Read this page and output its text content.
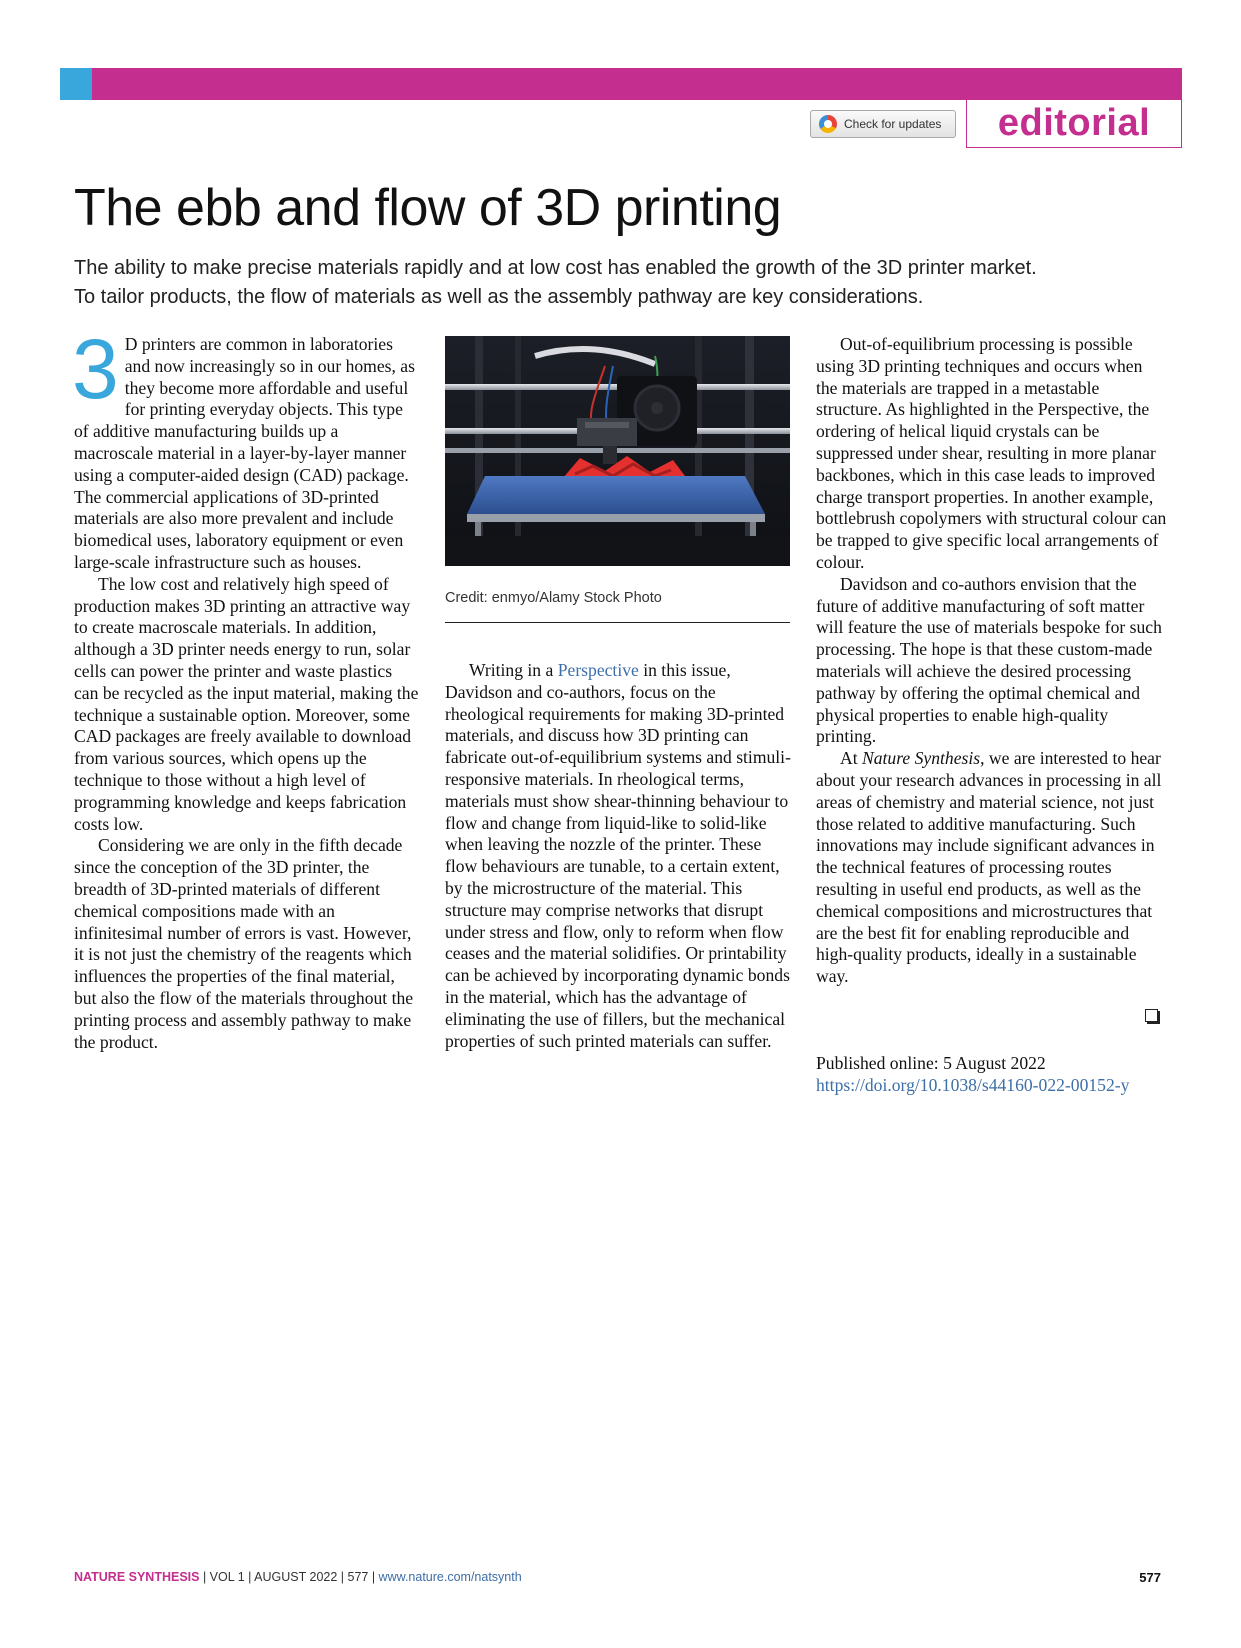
Check for updates editorial
The ebb and flow of 3D printing

The ability to make precise materials rapidly and at low cost has enabled the growth of the 3D printer market.
To tailor products, the flow of materials as well as the assembly pathway are key considerations.

3 D printers are common in laboratories and now increasingly so in our homes, as they become more affordable and useful for printing everyday objects. This type of additive manufacturing builds up a macroscale material in a layer-by-layer manner using a computer-aided design (CAD) package. The commercial applications of 3D-printed materials are also more prevalent and include biomedical uses, laboratory equipment or even large-scale infrastructure such as houses.

The low cost and relatively high speed of production makes 3D printing an attractive way to create macroscale materials. In addition, although a 3D printer needs energy to run, solar cells can power the printer and waste plastics can be recycled as the input material, making the technique a sustainable option. Moreover, some CAD packages are freely available to download from various sources, which opens up the technique to those without a high level of programming knowledge and keeps fabrication costs low.

Considering we are only in the fifth decade since the conception of the 3D printer, the breadth of 3D-printed materials of different chemical compositions made with an infinitesimal number of errors is vast. However, it is not just the chemistry of the reagents which influences the properties of the final material, but also the flow of the materials throughout the printing process and assembly pathway to make the product.

Credit: enmyo/Alamy Stock Photo

Writing in a Perspective in this issue, Davidson and co-authors, focus on the rheological requirements for making 3D-printed materials, and discuss how 3D printing can fabricate out-of-equilibrium systems and stimuli-responsive materials. In rheological terms, materials must show shear-thinning behaviour to flow and change from liquid-like to solid-like when leaving the nozzle of the printer. These flow behaviours are tunable, to a certain extent, by the microstructure of the material. This structure may comprise networks that disrupt under stress and flow, only to reform when flow ceases and the material solidifies. Or printability can be achieved by incorporating dynamic bonds in the material, which has the advantage of eliminating the use of fillers, but the mechanical properties of such printed materials can suffer.

Out-of-equilibrium processing is possible using 3D printing techniques and occurs when the materials are trapped in a metastable structure. As highlighted in the Perspective, the ordering of helical liquid crystals can be suppressed under shear, resulting in more planar backbones, which in this case leads to improved charge transport properties. In another example, bottlebrush copolymers with structural colour can be trapped to give specific local arrangements of colour.

Davidson and co-authors envision that the future of additive manufacturing of soft matter will feature the use of materials bespoke for such processing. The hope is that these custom-made materials will achieve the desired processing pathway by offering the optimal chemical and physical properties to enable high-quality printing.

At Nature Synthesis, we are interested to hear about your research advances in processing in all areas of chemistry and material science, not just those related to additive manufacturing. Such innovations may include significant advances in the technical features of processing routes resulting in useful end products, as well as the chemical compositions and microstructures that are the best fit for enabling reproducible and high-quality products, ideally in a sustainable way.

Published online: 5 August 2022
https://doi.org/10.1038/s44160-022-00152-y
NATURE SYNTHESIS | VOL 1 | AUGUST 2022 | 577 | www.nature.com/natsynth	577
